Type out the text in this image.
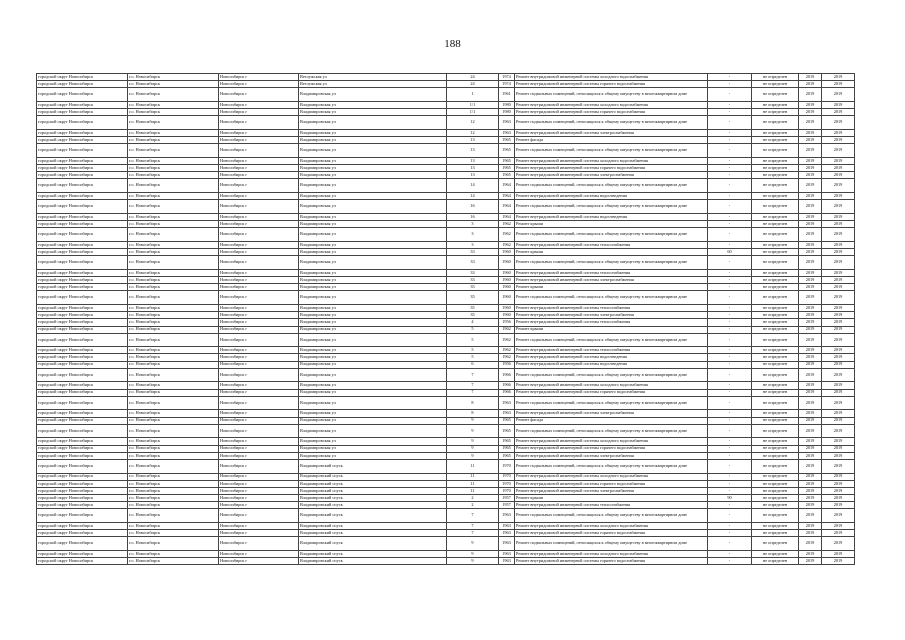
188
городской округ Новосибирск	г.о. Новосибирск	Новосибирск г	Ветлужская ул	24	1974	Ремонт внутридомовой инженерной системы холодного водоснабжения	-	не определен	2019	2019
городской округ Новосибирск	г.о. Новосибирск	Новосибирск г	Ветлужская ул	24	1974	Ремонт внутридомовой инженерной системы горячего водоснабжения	-	не определен	2019	2019
городской округ Новосибирск	г.о. Новосибирск	Новосибирск г	Владимировская ул	1	1961	Ремонт подвальных помещений, относящихся к общему имуществу в многоквартирном доме	-	не определен	2019	2019
городской округ Новосибирск	г.о. Новосибирск	Новосибирск г	Владимировская ул	1/1	1980	Ремонт внутридомовой инженерной системы холодного водоснабжения	-	не определен	2019	2019
городской округ Новосибирск	г.о. Новосибирск	Новосибирск г	Владимировская ул	1/1	1980	Ремонт внутридомовой инженерной системы горячего водоснабжения	-	не определен	2019	2019
городской округ Новосибирск	г.о. Новосибирск	Новосибирск г	Владимировская ул	12	1963	Ремонт подвальных помещений, относящихся к общему имуществу в многоквартирном доме	-	не определен	2019	2019
городской округ Новосибирск	г.о. Новосибирск	Новосибирск г	Владимировская ул	12	1963	Ремонт внутридомовой инженерной системы электроснабжения	-	не определен	2019	2019
городской округ Новосибирск	г.о. Новосибирск	Новосибирск г	Владимировская ул	13	1965	Ремонт фасада	-	не определен	2019	2019
городской округ Новосибирск	г.о. Новосибирск	Новосибирск г	Владимировская ул	13	1965	Ремонт подвальных помещений, относящихся к общему имуществу в многоквартирном доме	-	не определен	2019	2019
городской округ Новосибирск	г.о. Новосибирск	Новосибирск г	Владимировская ул	13	1965	Ремонт внутридомовой инженерной системы холодного водоснабжения	-	не определен	2019	2019
городской округ Новосибирск	г.о. Новосибирск	Новосибирск г	Владимировская ул	13	1965	Ремонт внутридомовой инженерной системы горячего водоснабжения	-	не определен	2019	2019
городской округ Новосибирск	г.о. Новосибирск	Новосибирск г	Владимировская ул	13	1965	Ремонт внутридомовой инженерной системы электроснабжения	-	не определен	2019	2019
городской округ Новосибирск	г.о. Новосибирск	Новосибирск г	Владимировская ул	14	1964	Ремонт подвальных помещений, относящихся к общему имуществу в многоквартирном доме	-	не определен	2019	2019
городской округ Новосибирск	г.о. Новосибирск	Новосибирск г	Владимировская ул	14	1964	Ремонт внутридомовой инженерной системы водоотведения	-	не определен	2019	2019
городской округ Новосибирск	г.о. Новосибирск	Новосибирск г	Владимировская ул	16	1964	Ремонт подвальных помещений, относящихся к общему имуществу в многоквартирном доме	-	не определен	2019	2019
городской округ Новосибирск	г.о. Новосибирск	Новосибирск г	Владимировская ул	16	1964	Ремонт внутридомовой инженерной системы водоотведения	-	не определен	2019	2019
городской округ Новосибирск	г.о. Новосибирск	Новосибирск г	Владимировская ул	3	1962	Ремонт крыши	-	не определен	2019	2019
городской округ Новосибирск	г.о. Новосибирск	Новосибирск г	Владимировская ул	3	1962	Ремонт подвальных помещений, относящихся к общему имуществу в многоквартирном доме	-	не определен	2019	2019
городской округ Новосибирск	г.о. Новосибирск	Новосибирск г	Владимировская ул	3	1962	Ремонт внутридомовой инженерной системы теплоснабжения	-	не определен	2019	2019
городской округ Новосибирск	г.о. Новосибирск	Новосибирск г	Владимировская ул	33	1960	Ремонт крыши	60	не определен	2019	2019
городской округ Новосибирск	г.о. Новосибирск	Новосибирск г	Владимировская ул	33	1960	Ремонт подвальных помещений, относящихся к общему имуществу в многоквартирном доме	-	не определен	2019	2019
городской округ Новосибирск	г.о. Новосибирск	Новосибирск г	Владимировская ул	33	1960	Ремонт внутридомовой инженерной системы теплоснабжения	-	не определен	2019	2019
городской округ Новосибирск	г.о. Новосибирск	Новосибирск г	Владимировская ул	33	1960	Ремонт внутридомовой инженерной системы электроснабжения	-	не определен	2019	2019
городской округ Новосибирск	г.о. Новосибирск	Новосибирск г	Владимировская ул	35	1960	Ремонт крыши	-	не определен	2019	2019
городской округ Новосибирск	г.о. Новосибирск	Новосибирск г	Владимировская ул	35	1960	Ремонт подвальных помещений, относящихся к общему имуществу в многоквартирном доме	-	не определен	2019	2019
городской округ Новосибирск	г.о. Новосибирск	Новосибирск г	Владимировская ул	35	1960	Ремонт внутридомовой инженерной системы теплоснабжения	-	не определен	2019	2019
городской округ Новосибирск	г.о. Новосибирск	Новосибирск г	Владимировская ул	35	1960	Ремонт внутридомовой инженерной системы электроснабжения	-	не определен	2019	2019
городской округ Новосибирск	г.о. Новосибирск	Новосибирск г	Владимировская ул	4	1956	Ремонт внутридомовой инженерной системы теплоснабжения	-	не определен	2019	2019
городской округ Новосибирск	г.о. Новосибирск	Новосибирск г	Владимировская ул	5	1962	Ремонт крыши	-	не определен	2019	2019
городской округ Новосибирск	г.о. Новосибирск	Новосибирск г	Владимировская ул	5	1962	Ремонт подвальных помещений, относящихся к общему имуществу в многоквартирном доме	-	не определен	2019	2019
городской округ Новосибирск	г.о. Новосибирск	Новосибирск г	Владимировская ул	5	1962	Ремонт внутридомовой инженерной системы теплоснабжения	-	не определен	2019	2019
городской округ Новосибирск	г.о. Новосибирск	Новосибирск г	Владимировская ул	5	1962	Ремонт внутридомовой инженерной системы водоотведения	-	не определен	2019	2019
городской округ Новосибирск	г.о. Новосибирск	Новосибирск г	Владимировская ул	6	1956	Ремонт внутридомовой инженерной системы водоотведения	-	не определен	2019	2019
городской округ Новосибирск	г.о. Новосибирск	Новосибирск г	Владимировская ул	7	1966	Ремонт подвальных помещений, относящихся к общему имуществу в многоквартирном доме	-	не определен	2019	2019
городской округ Новосибирск	г.о. Новосибирск	Новосибирск г	Владимировская ул	7	1966	Ремонт внутридомовой инженерной системы холодного водоснабжения	-	не определен	2019	2019
городской округ Новосибирск	г.о. Новосибирск	Новосибирск г	Владимировская ул	7	1966	Ремонт внутридомовой инженерной системы горячего водоснабжения	-	не определен	2019	2019
городской округ Новосибирск	г.о. Новосибирск	Новосибирск г	Владимировская ул	8	1963	Ремонт подвальных помещений, относящихся к общему имуществу в многоквартирном доме	-	не определен	2019	2019
городской округ Новосибирск	г.о. Новосибирск	Новосибирск г	Владимировская ул	8	1963	Ремонт внутридомовой инженерной системы электроснабжения	-	не определен	2019	2019
городской округ Новосибирск	г.о. Новосибирск	Новосибирск г	Владимировская ул	9	1965	Ремонт фасада	-	не определен	2019	2019
городской округ Новосибирск	г.о. Новосибирск	Новосибирск г	Владимировская ул	9	1965	Ремонт подвальных помещений, относящихся к общему имуществу в многоквартирном доме	-	не определен	2019	2019
городской округ Новосибирск	г.о. Новосибирск	Новосибирск г	Владимировская ул	9	1965	Ремонт внутридомовой инженерной системы холодного водоснабжения	-	не определен	2019	2019
городской округ Новосибирск	г.о. Новосибирск	Новосибирск г	Владимировская ул	9	1965	Ремонт внутридомовой инженерной системы горячего водоснабжения	-	не определен	2019	2019
городской округ Новосибирск	г.о. Новосибирск	Новосибирск г	Владимировская ул	9	1965	Ремонт внутридомовой инженерной системы электроснабжения	-	не определен	2019	2019
городской округ Новосибирск	г.о. Новосибирск	Новосибирск г	Владимировский спуск	11	1970	Ремонт подвальных помещений, относящихся к общему имуществу в многоквартирном доме	-	не определен	2019	2019
городской округ Новосибирск	г.о. Новосибирск	Новосибирск г	Владимировский спуск	11	1970	Ремонт внутридомовой инженерной системы холодного водоснабжения	-	не определен	2019	2019
городской округ Новосибирск	г.о. Новосибирск	Новосибирск г	Владимировский спуск	11	1970	Ремонт внутридомовой инженерной системы горячего водоснабжения	-	не определен	2019	2019
городской округ Новосибирск	г.о. Новосибирск	Новосибирск г	Владимировский спуск	11	1970	Ремонт внутридомовой инженерной системы электроснабжения	-	не определен	2019	2019
городской округ Новосибирск	г.о. Новосибирск	Новосибирск г	Владимировский спуск	2	1957	Ремонт крыши	90	не определен	2019	2019
городской округ Новосибирск	г.о. Новосибирск	Новосибирск г	Владимировский спуск	2	1957	Ремонт внутридомовой инженерной системы теплоснабжения	-	не определен	2019	2019
городской округ Новосибирск	г.о. Новосибирск	Новосибирск г	Владимировский спуск	7	1963	Ремонт подвальных помещений, относящихся к общему имуществу в многоквартирном доме	-	не определен	2019	2019
городской округ Новосибирск	г.о. Новосибирск	Новосибирск г	Владимировский спуск	7	1963	Ремонт внутридомовой инженерной системы холодного водоснабжения	-	не определен	2019	2019
городской округ Новосибирск	г.о. Новосибирск	Новосибирск г	Владимировский спуск	7	1963	Ремонт внутридомовой инженерной системы горячего водоснабжения	-	не определен	2019	2019
городской округ Новосибирск	г.о. Новосибирск	Новосибирск г	Владимировский спуск	9	1963	Ремонт подвальных помещений, относящихся к общему имуществу в многоквартирном доме	-	не определен	2019	2019
городской округ Новосибирск	г.о. Новосибирск	Новосибирск г	Владимировский спуск	9	1963	Ремонт внутридомовой инженерной системы холодного водоснабжения	-	не определен	2019	2019
городской округ Новосибирск	г.о. Новосибирск	Новосибирск г	Владимировский спуск	9	1963	Ремонт внутридомовой инженерной системы горячего водоснабжения	-	не определен	2019	2019
